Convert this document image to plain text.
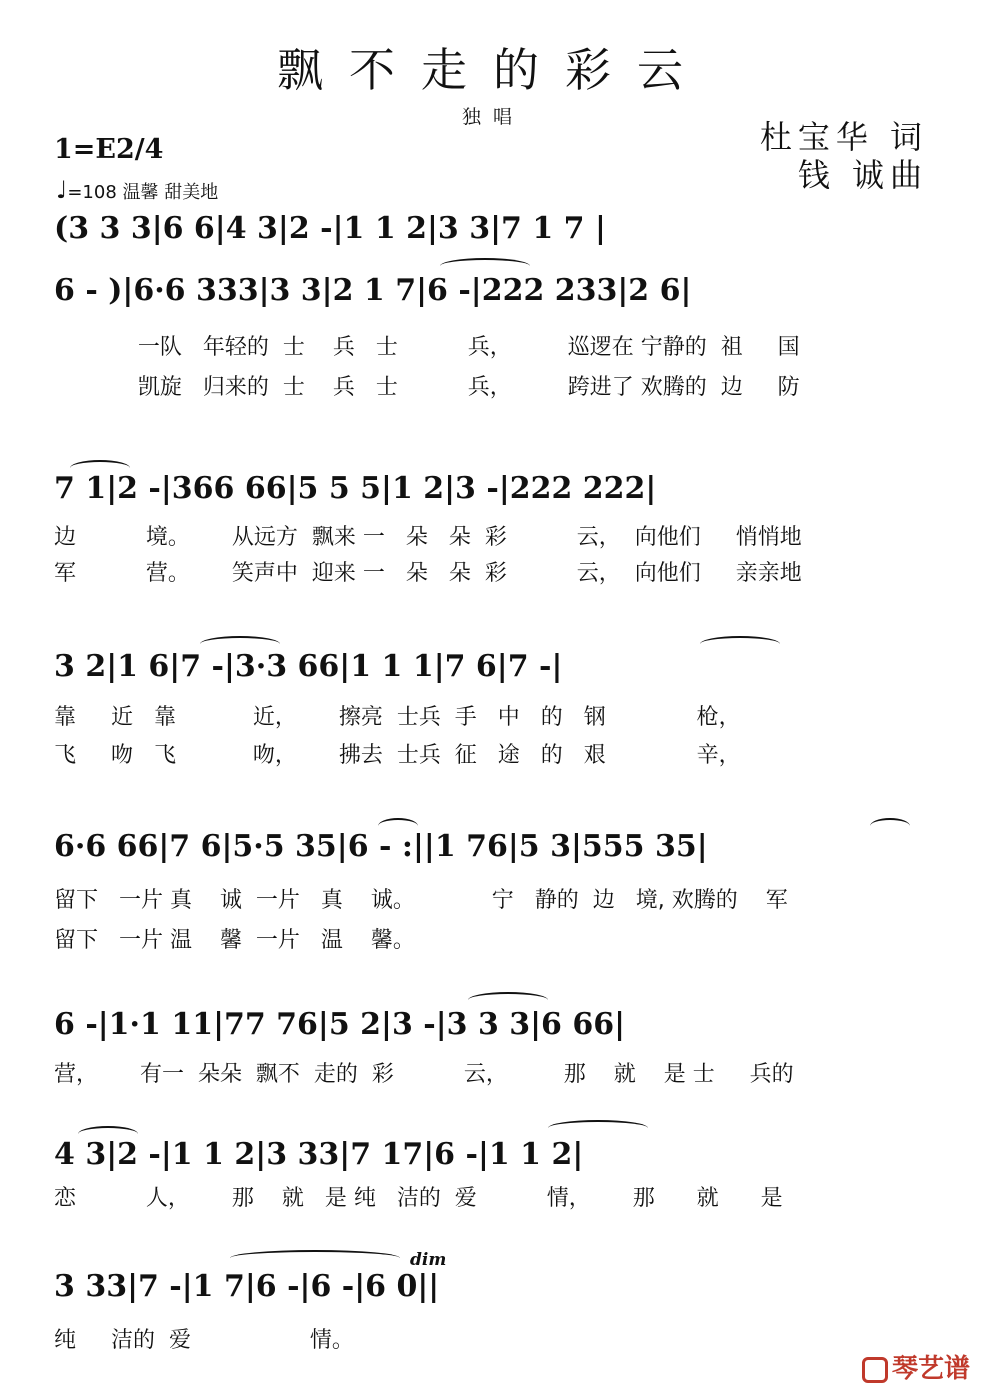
飘不走的彩云
独唱
杜宝华 词
钱 诚曲
1=E2/4
♩=108 温馨 甜美地
(3 3 3|6 6|4 3|2 -|1 1 2|3 3|7 1 7 |
6 - )|6·6 333|3 3|2 1 7|6 -|222 233|2 6|
一队   年轻的  士    兵   士          兵，        巡逻在 宁静的  祖     国
凯旋   归来的  士    兵   士          兵，        跨进了 欢腾的  边     防
7 1|2 -|366 66|5 5 5|1 2|3 -|222 222|
边          境。      从远方  飘来 一   朵   朵  彩          云，  向他们     悄悄地
军          营。      笑声中  迎来 一   朵   朵  彩          云，  向他们     亲亲地
3 2|1 6|7 -|3·3 66|1 1 1|7 6|7 -|
靠     近   靠           近，      擦亮  士兵  手   中   的   钢             枪，
飞     吻   飞           吻，      拂去  士兵  征   途   的   艰             辛，
6·6 66|7 6|5·5 35|6 - :||1 76|5 3|555 35|
留下   一片 真    诚  一片   真    诚。           宁   静的  边   境, 欢腾的    军
留下   一片 温    馨  一片   温    馨。
6 -|1·1 11|77 76|5 2|3 -|3 3 3|6 66|
营，      有一  朵朵  飘不  走的  彩          云，        那    就    是 士     兵的
4 3|2 -|1 1 2|3 33|7 17|6 -|1 1 2|
恋          人，      那    就   是 纯   洁的  爱          情，      那      就      是
dim
3 33|7 -|1 7|6 -|6 -|6 0||
纯     洁的  爱                 情。
琴艺谱
